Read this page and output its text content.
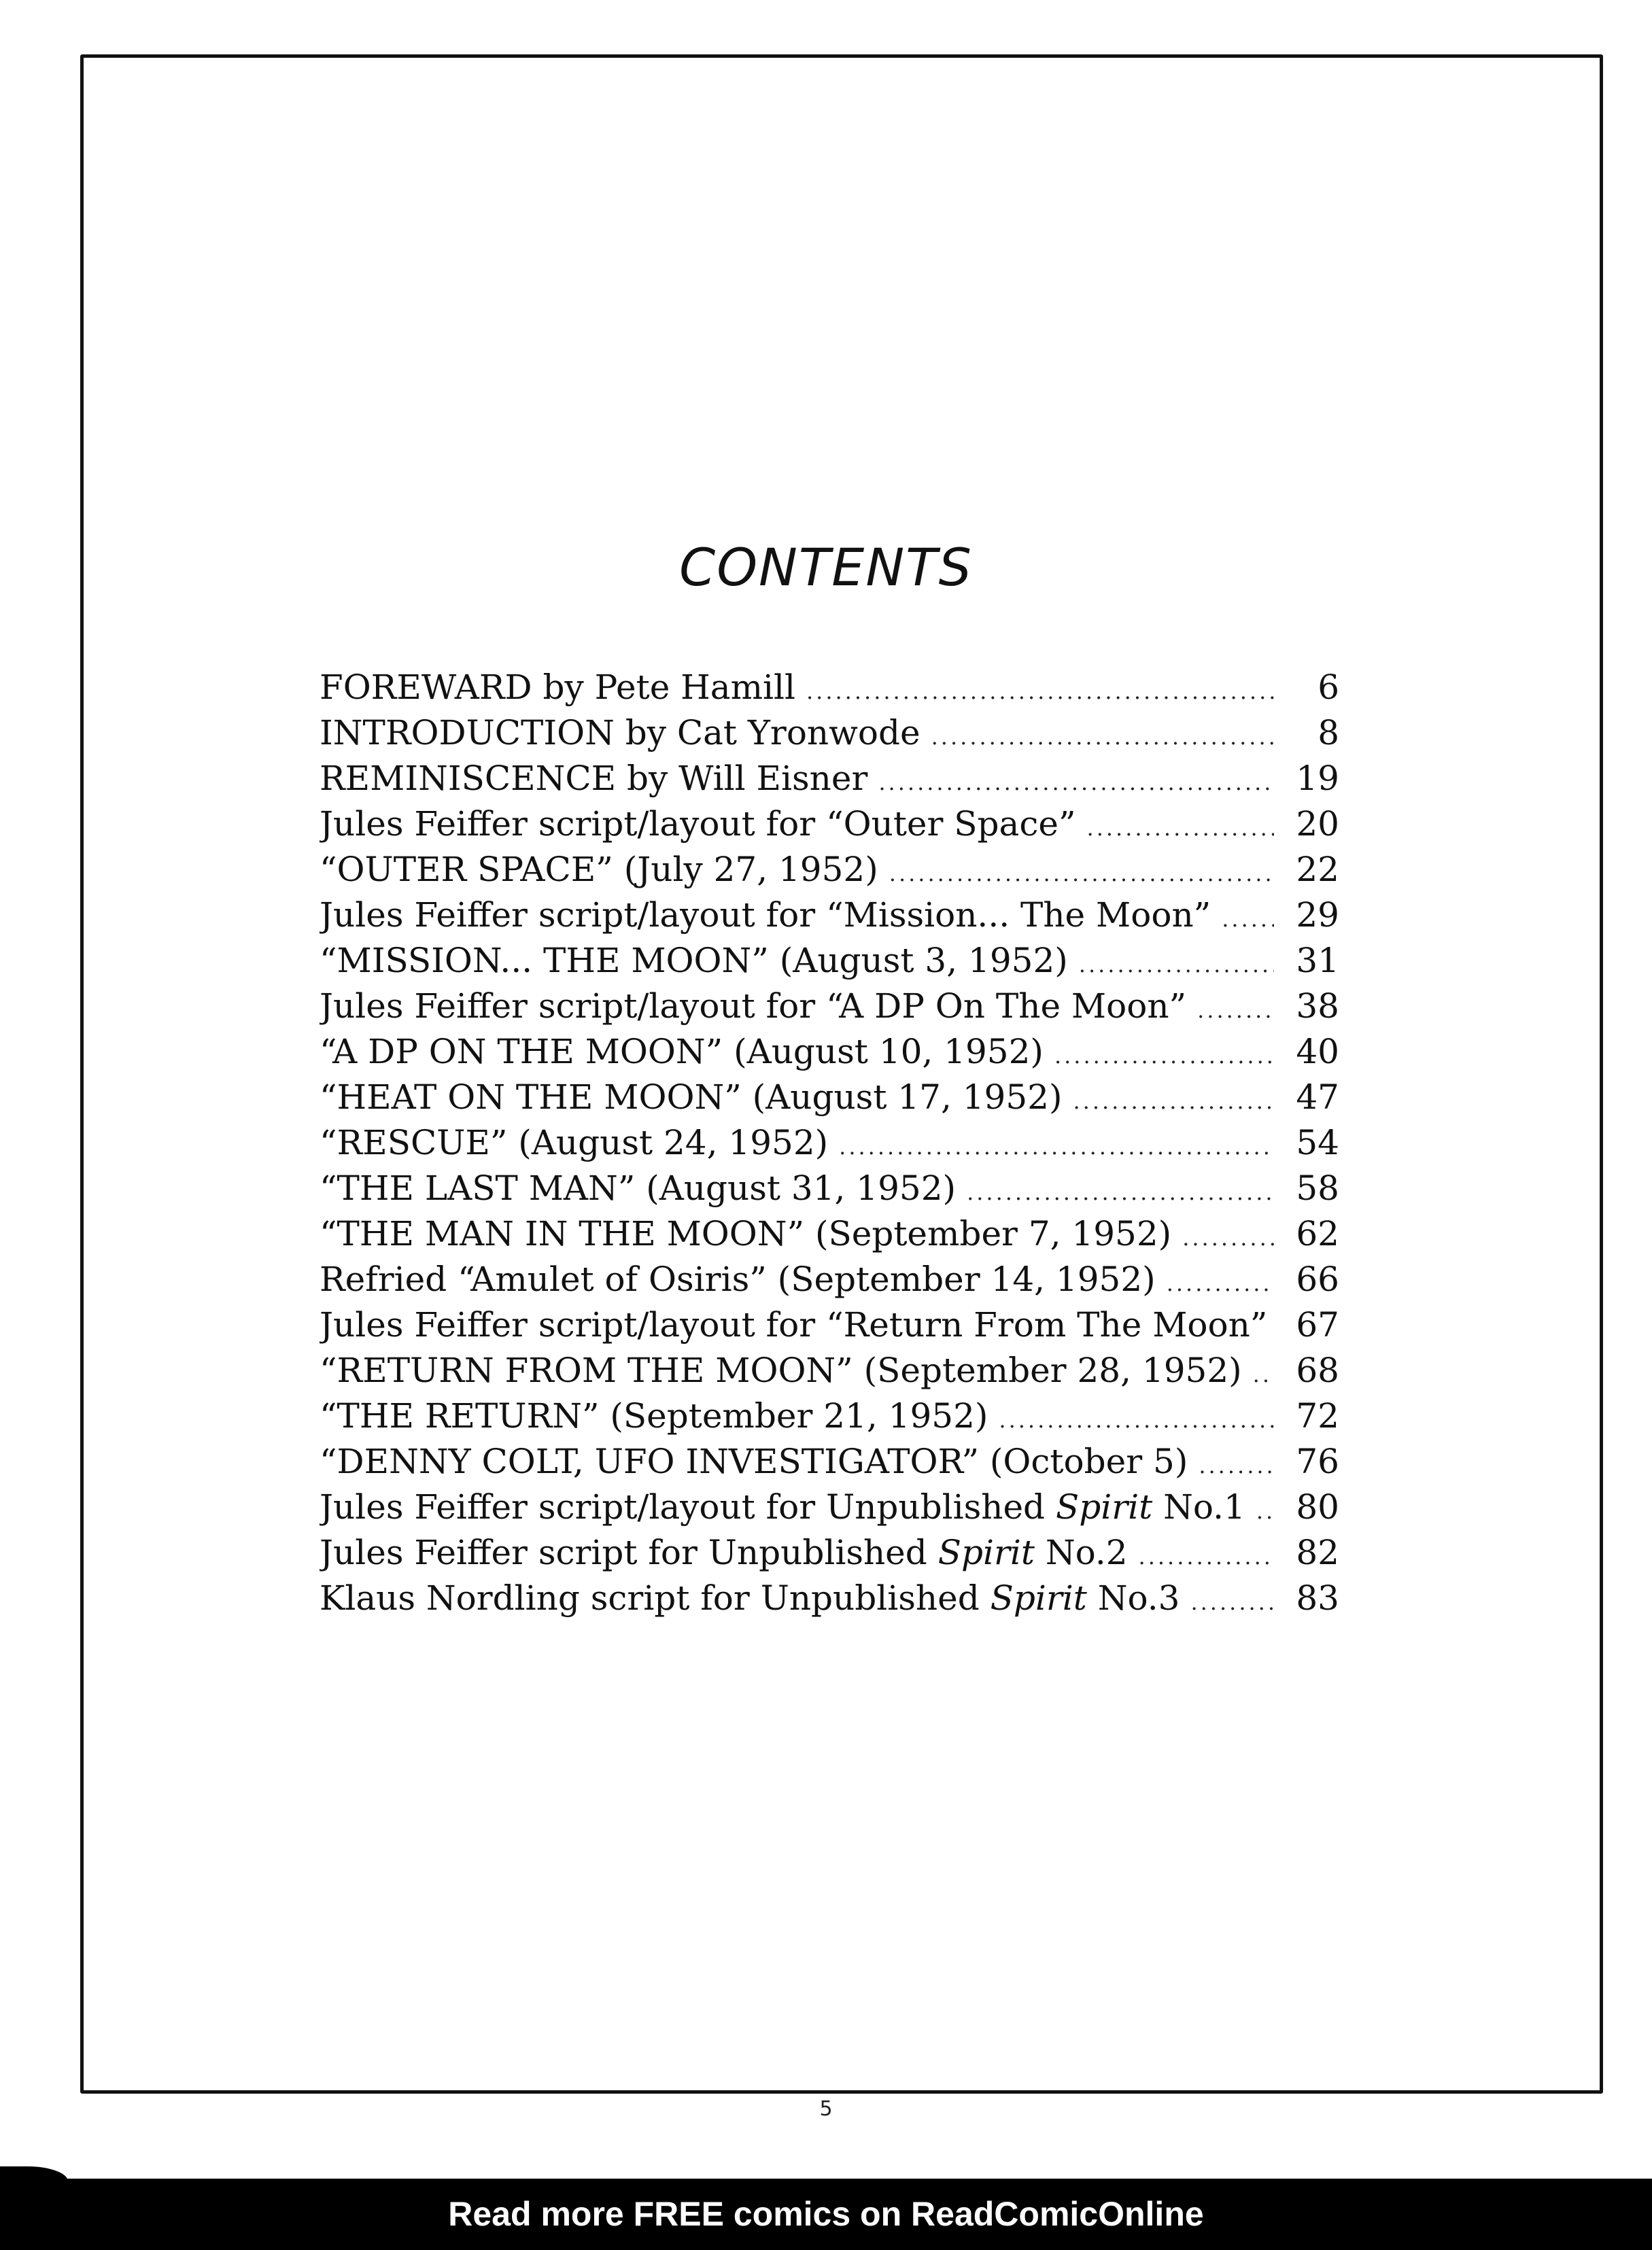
CONTENTS
FOREWARD by Pete Hamill .....	6
INTRODUCTION by Cat Yronwode .....	8
REMINISCENCE by Will Eisner .....	19
Jules Feiffer script/layout for “Outer Space” .....	20
“OUTER SPACE” (July 27, 1952) .....	22
Jules Feiffer script/layout for “Mission... The Moon” .....	29
“MISSION... THE MOON” (August 3, 1952) .....	31
Jules Feiffer script/layout for “A DP On The Moon” .....	38
“A DP ON THE MOON” (August 10, 1952) .....	40
“HEAT ON THE MOON” (August 17, 1952) .....	47
“RESCUE” (August 24, 1952) .....	54
“THE LAST MAN” (August 31, 1952) .....	58
“THE MAN IN THE MOON” (September 7, 1952) .....	62
Refried “Amulet of Osiris” (September 14, 1952) .....	66
Jules Feiffer script/layout for “Return From The Moon” 67
“RETURN FROM THE MOON” (September 28, 1952) .....	68
“THE RETURN” (September 21, 1952) .....	72
“DENNY COLT, UFO INVESTIGATOR” (October 5) .....	76
Jules Feiffer script/layout for Unpublished Spirit No.1 .....	80
Jules Feiffer script for Unpublished Spirit No.2 .....	82
Klaus Nordling script for Unpublished Spirit No.3 .....	83
5
Read more FREE comics on ReadComicOnline
